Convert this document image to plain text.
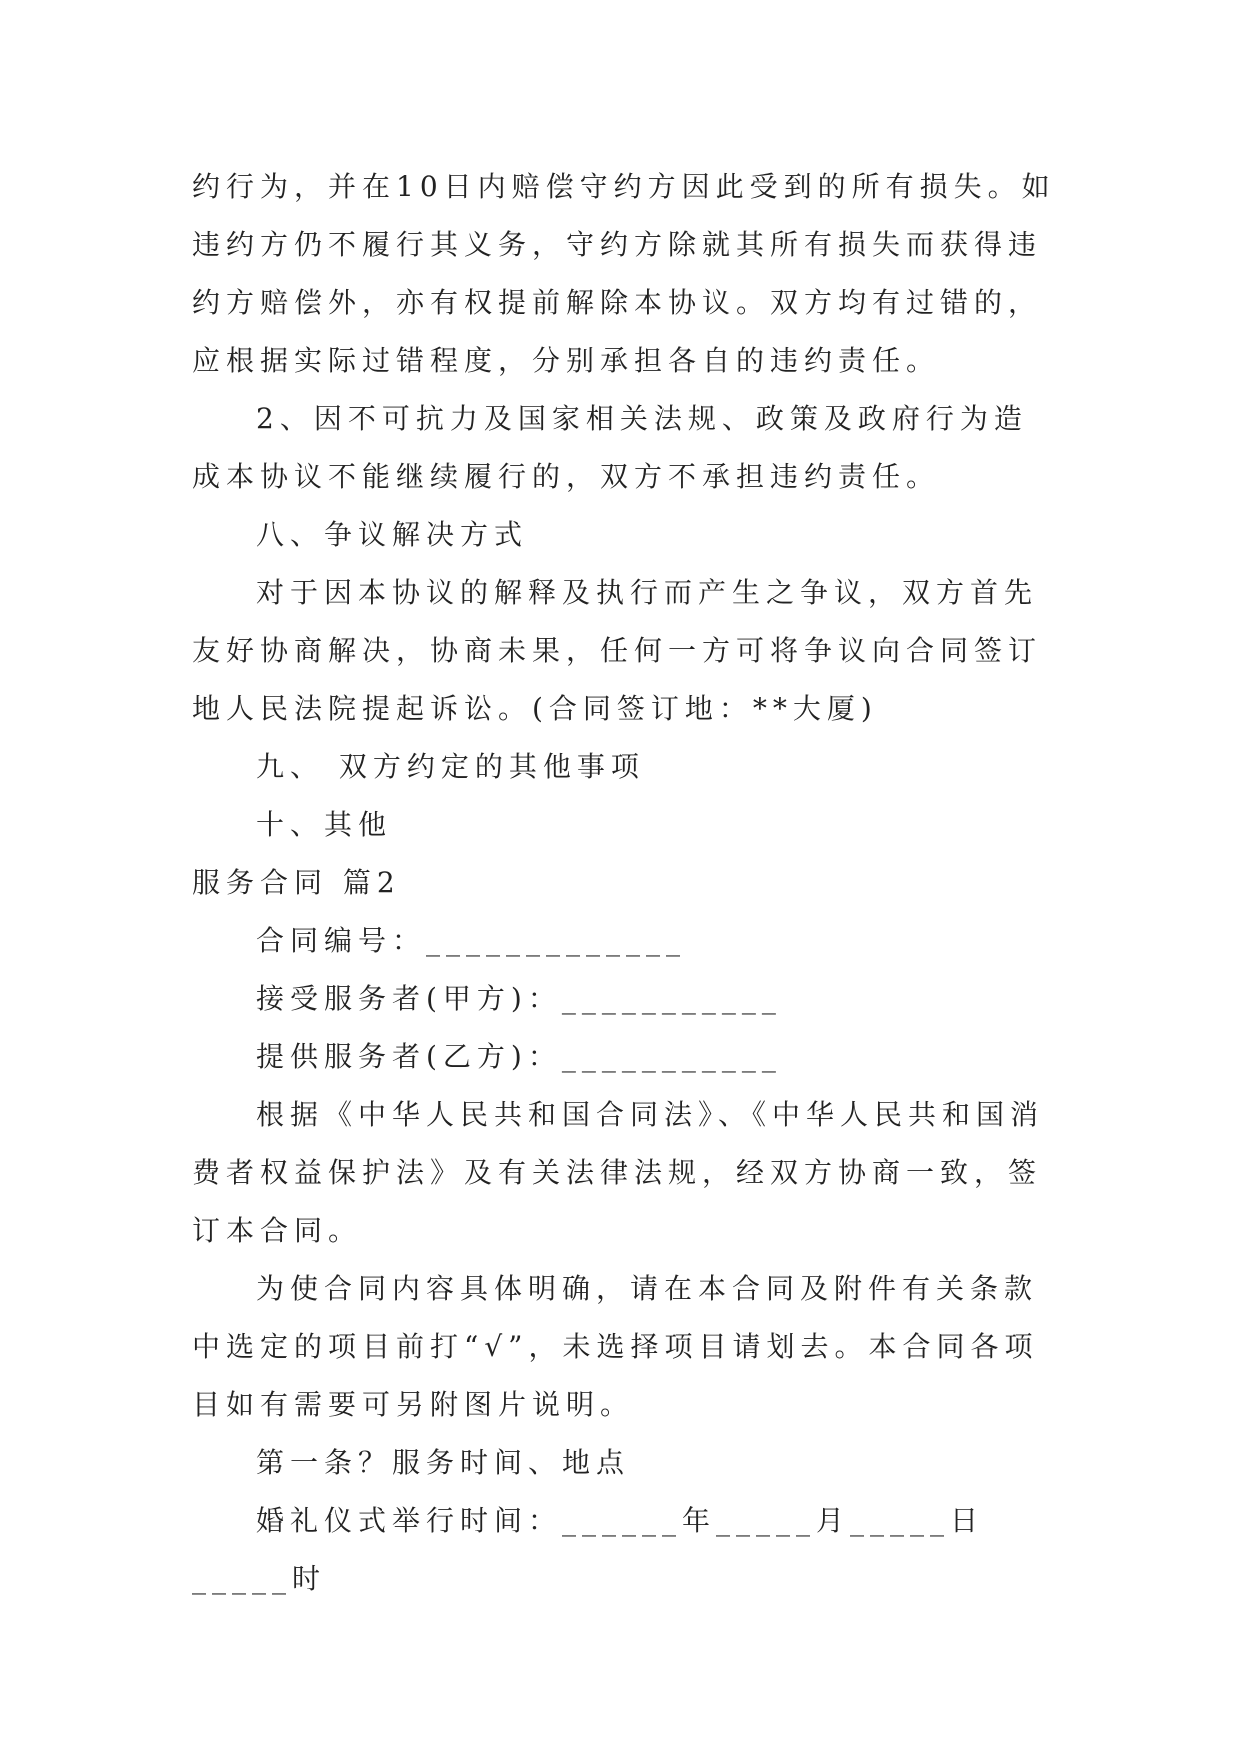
约行为，并在10日内赔偿守约方因此受到的所有损失。如违约方仍不履行其义务，守约方除就其所有损失而获得违约方赔偿外，亦有权提前解除本协议。双方均有过错的，应根据实际过错程度，分别承担各自的违约责任。

2、因不可抗力及国家相关法规、政策及政府行为造成本协议不能继续履行的，双方不承担违约责任。

八、争议解决方式

对于因本协议的解释及执行而产生之争议，双方首先友好协商解决，协商未果，任何一方可将争议向合同签订地人民法院提起诉讼。(合同签订地：**大厦)

九、 双方约定的其他事项

十、其他

服务合同 篇2

合同编号：_____________

接受服务者(甲方)：___________

提供服务者(乙方)：___________

根据《中华人民共和国合同法》、《中华人民共和国消费者权益保护法》及有关法律法规，经双方协商一致，签订本合同。

为使合同内容具体明确，请在本合同及附件有关条款中选定的项目前打“√”，未选择项目请划去。本合同各项目如有需要可另附图片说明。

第一条？服务时间、地点

婚礼仪式举行时间：______年_____月_____日_____时
